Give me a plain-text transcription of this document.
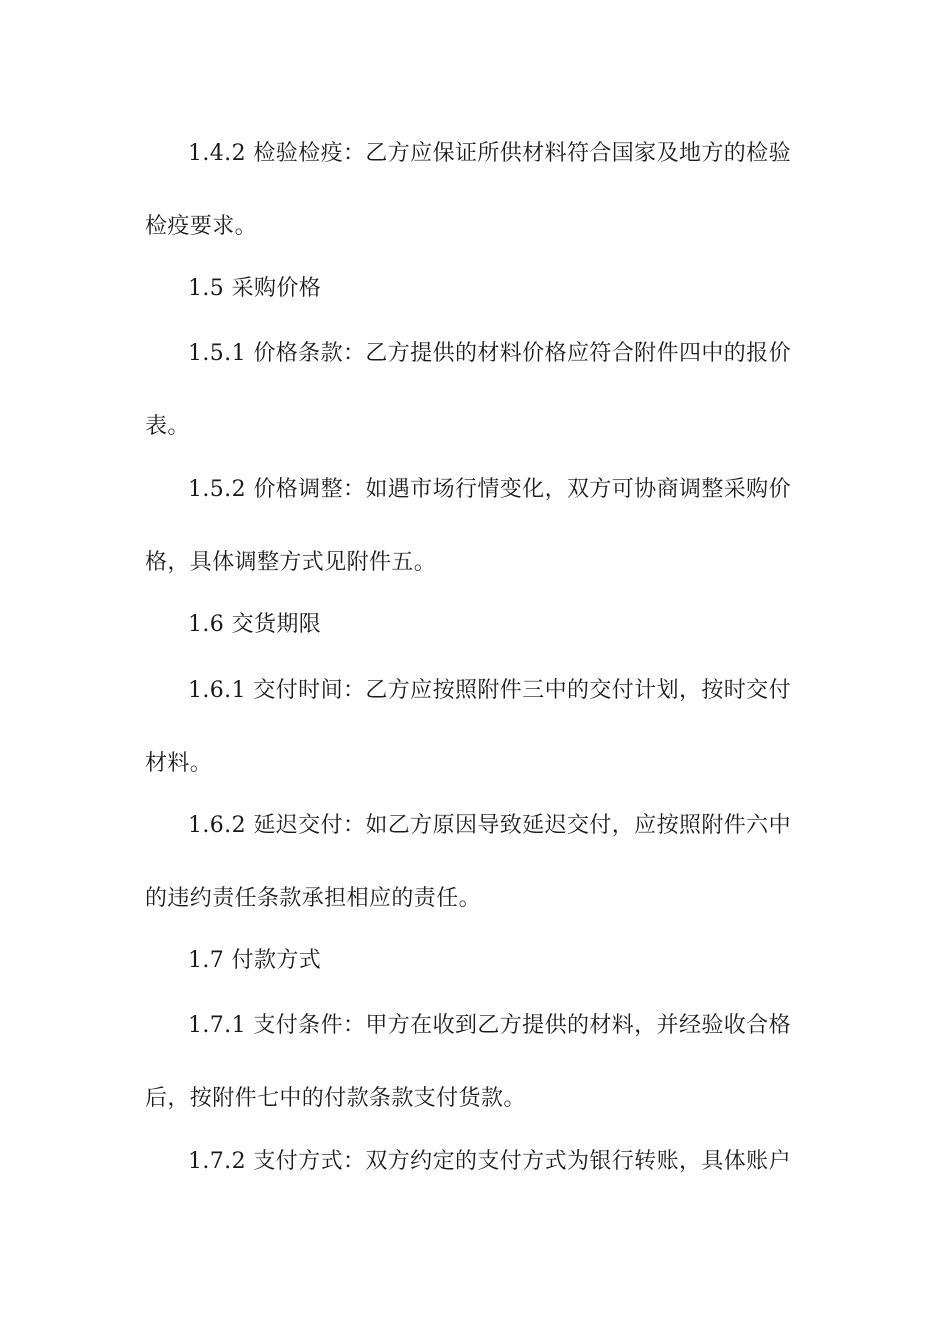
1.4.2 检验检疫：乙方应保证所供材料符合国家及地方的检验
检疫要求。
1.5 采购价格
1.5.1 价格条款：乙方提供的材料价格应符合附件四中的报价
表。
1.5.2 价格调整：如遇市场行情变化，双方可协商调整采购价
格，具体调整方式见附件五。
1.6 交货期限
1.6.1 交付时间：乙方应按照附件三中的交付计划，按时交付
材料。
1.6.2 延迟交付：如乙方原因导致延迟交付，应按照附件六中
的违约责任条款承担相应的责任。
1.7 付款方式
1.7.1 支付条件：甲方在收到乙方提供的材料，并经验收合格
后，按附件七中的付款条款支付货款。
1.7.2 支付方式：双方约定的支付方式为银行转账，具体账户
